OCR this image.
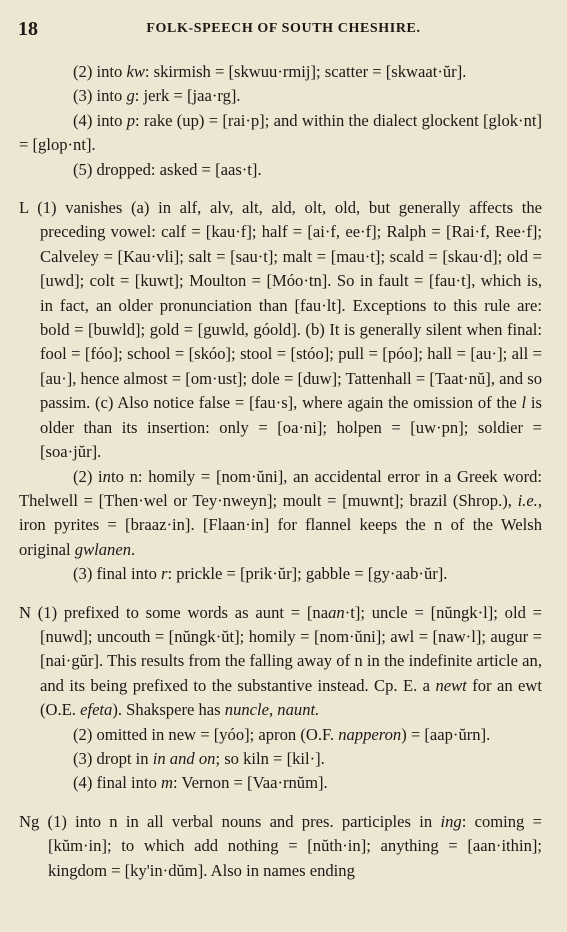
18	FOLK-SPEECH OF SOUTH CHESHIRE.

(2) into kw: skirmish = [skwuu·rmij]; scatter = [skwaat·ŭr].

(3) into g: jerk = [jaa·rg].

(4) into p: rake (up) = [rai·p]; and within the dialect glockent [glok·nt] = [glop·nt].

(5) dropped: asked = [aas·t].

L (1) vanishes (a) in alf, alv, alt, ald, olt, old, but generally affects the preceding vowel: calf = [kau·f]; half = [ai·f, ee·f]; Ralph = [Rai·f, Ree·f]; Calveley = [Kau·vli]; salt = [sau·t]; malt = [mau·t]; scald = [skau·d]; old = [uwd]; colt = [kuwt]; Moulton = [Móo·tn]. So in fault = [fau·t], which is, in fact, an older pronunciation than [fau·lt]. Exceptions to this rule are: bold = [buwld]; gold = [guwld, góold]. (b) It is generally silent when final: fool = [fóo]; school = [skóo]; stool = [stóo]; pull = [póo]; hall = [au·]; all = [au·], hence almost = [om·ust]; dole = [duw]; Tattenhall = [Taat·nŭ], and so passim. (c) Also notice false = [fau·s], where again the omission of the l is older than its insertion: only = [oa·ni]; holpen = [uw·pn]; soldier = [soa·jŭr].

(2) into n: homily = [nom·ŭni], an accidental error in a Greek word: Thelwell = [Then·wel or Tey·nweyn]; moult = [muwnt]; brazil (Shrop.), i.e., iron pyrites = [braaz·in]. [Flaan·in] for flannel keeps the n of the Welsh original gwlanen.

(3) final into r: prickle = [prik·ŭr]; gabble = [gy·aab·ŭr].

N (1) prefixed to some words as aunt = [naan·t]; uncle = [nŭngk·l]; old = [nuwd]; uncouth = [nŭngk·ŭt]; homily = [nom·ŭni]; awl = [naw·l]; augur = [nai·gŭr]. This results from the falling away of n in the indefinite article an, and its being prefixed to the substantive instead. Cp. E. a newt for an ewt (O.E. efeta). Shakspere has nuncle, naunt.

(2) omitted in new = [yóo]; apron (O.F. napperon) = [aap·ŭrn].

(3) dropt in in and on; so kiln = [kil·].

(4) final into m: Vernon = [Vaa·rnŭm].

Ng (1) into n in all verbal nouns and pres. participles in ing: coming = [kŭm·in]; to which add nothing = [nŭth·in]; anything = [aan·ithin]; kingdom = [ky'in·dŭm]. Also in names ending
